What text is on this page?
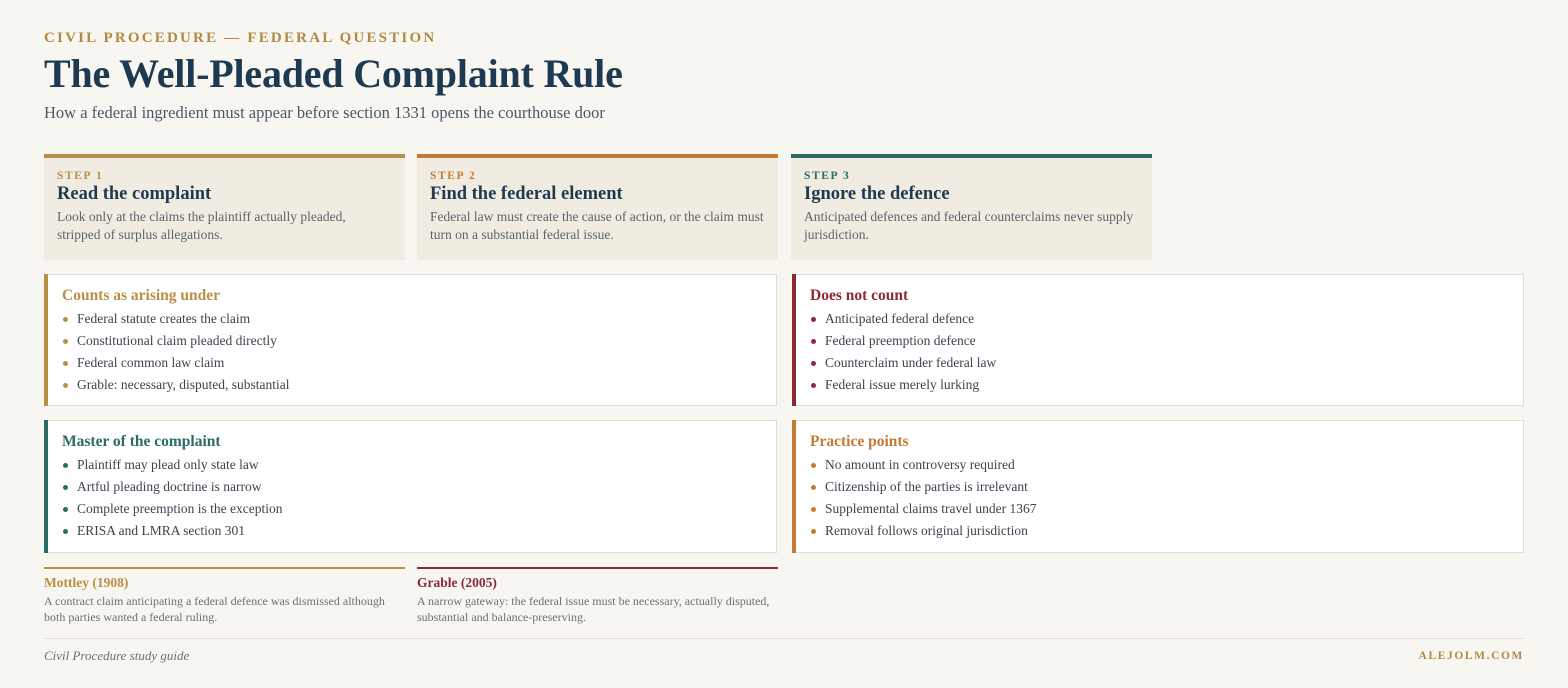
CIVIL PROCEDURE — FEDERAL QUESTION
The Well-Pleaded Complaint Rule
How a federal ingredient must appear before section 1331 opens the courthouse door
STEP 1
Read the complaint
Look only at the claims the plaintiff actually pleaded, stripped of surplus allegations.
STEP 2
Find the federal element
Federal law must create the cause of action, or the claim must turn on a substantial federal issue.
STEP 3
Ignore the defence
Anticipated defences and federal counterclaims never supply jurisdiction.
Counts as arising under
Federal statute creates the claim
Constitutional claim pleaded directly
Federal common law claim
Grable: necessary, disputed, substantial
Does not count
Anticipated federal defence
Federal preemption defence
Counterclaim under federal law
Federal issue merely lurking
Master of the complaint
Plaintiff may plead only state law
Artful pleading doctrine is narrow
Complete preemption is the exception
ERISA and LMRA section 301
Practice points
No amount in controversy required
Citizenship of the parties is irrelevant
Supplemental claims travel under 1367
Removal follows original jurisdiction
Mottley (1908)
A contract claim anticipating a federal defence was dismissed although both parties wanted a federal ruling.
Grable (2005)
A narrow gateway: the federal issue must be necessary, actually disputed, substantial and balance-preserving.
Civil Procedure study guide	ALEJOLM.COM
